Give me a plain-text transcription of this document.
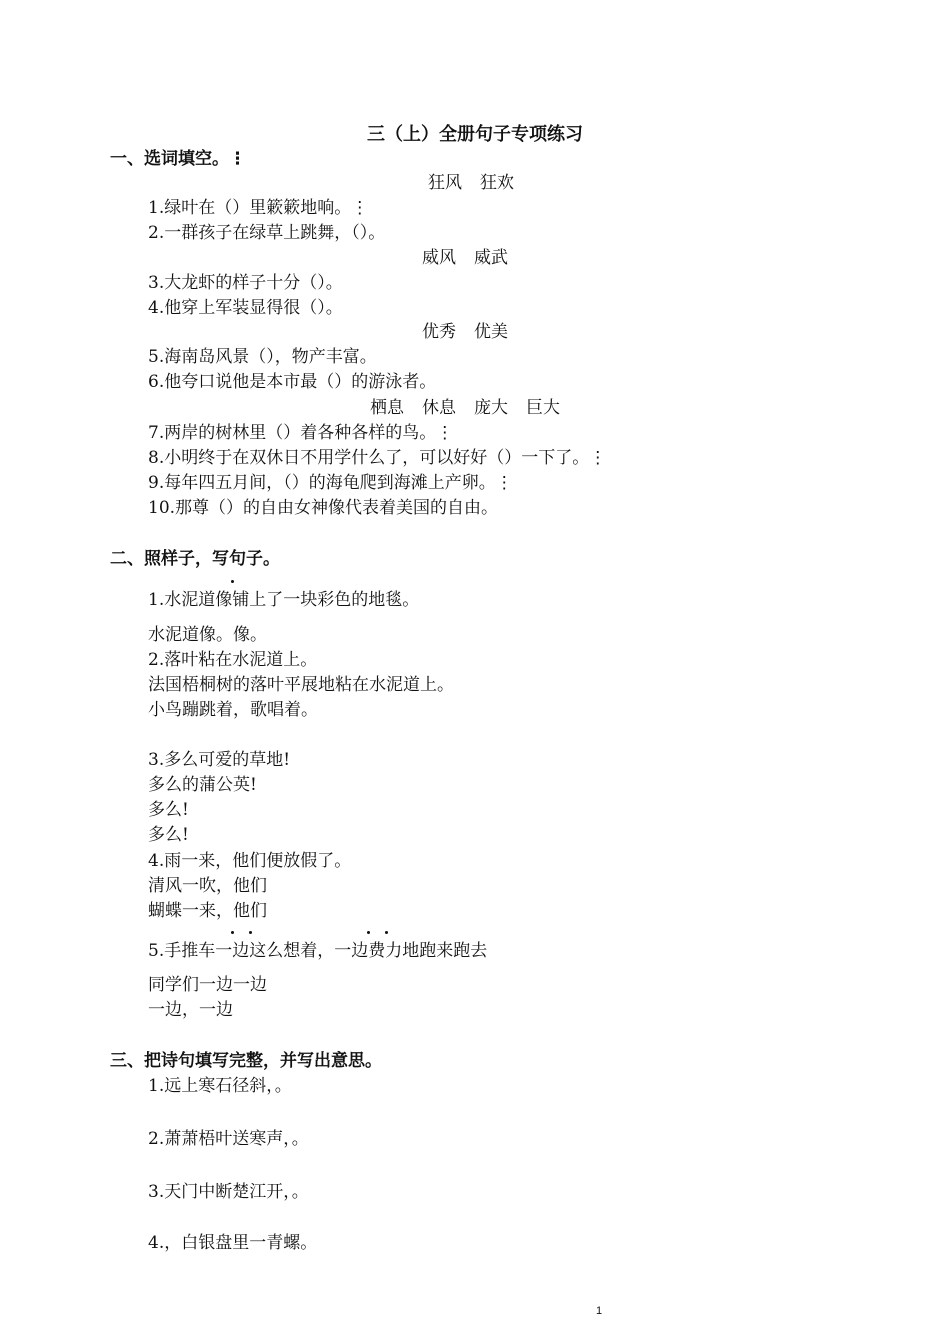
三（上）全册句子专项练习
一、选词填空。⋮
狂风 狂欢
1.绿叶在（）里簌簌地响。⋮
2.一群孩子在绿草上跳舞，（）。
威风 威武
3.大龙虾的样子十分（）。
4.他穿上军装显得很（）。
优秀 优美
5.海南岛风景（），物产丰富。
6.他夸口说他是本市最（）的游泳者。
栖息 休息 庞大 巨大
7.两岸的树林里（）着各种各样的鸟。⋮
8.小明终于在双休日不用学什么了，可以好好（）一下了。⋮
9.每年四五月间，（）的海龟爬到海滩上产卵。⋮
10.那尊（）的自由女神像代表着美国的自由。
二、照样子，写句子。
1.水泥道像铺上了一块彩色的地毯。
水泥道像。像。
2.落叶粘在水泥道上。
法国梧桐树的落叶平展地粘在水泥道上。
小鸟蹦跳着，歌唱着。
3.多么可爱的草地!
多么的蒲公英!
多么!
多么!
4.雨一来，他们便放假了。
清风一吹，他们
蝴蝶一来，他们
5.手推车一边这么想着，一边费力地跑来跑去
同学们一边一边
一边，一边
三、把诗句填写完整，并写出意思。
1.远上寒石径斜，。
2.萧萧梧叶送寒声，。
3.天门中断楚江开，。
4.，白银盘里一青螺。
1
